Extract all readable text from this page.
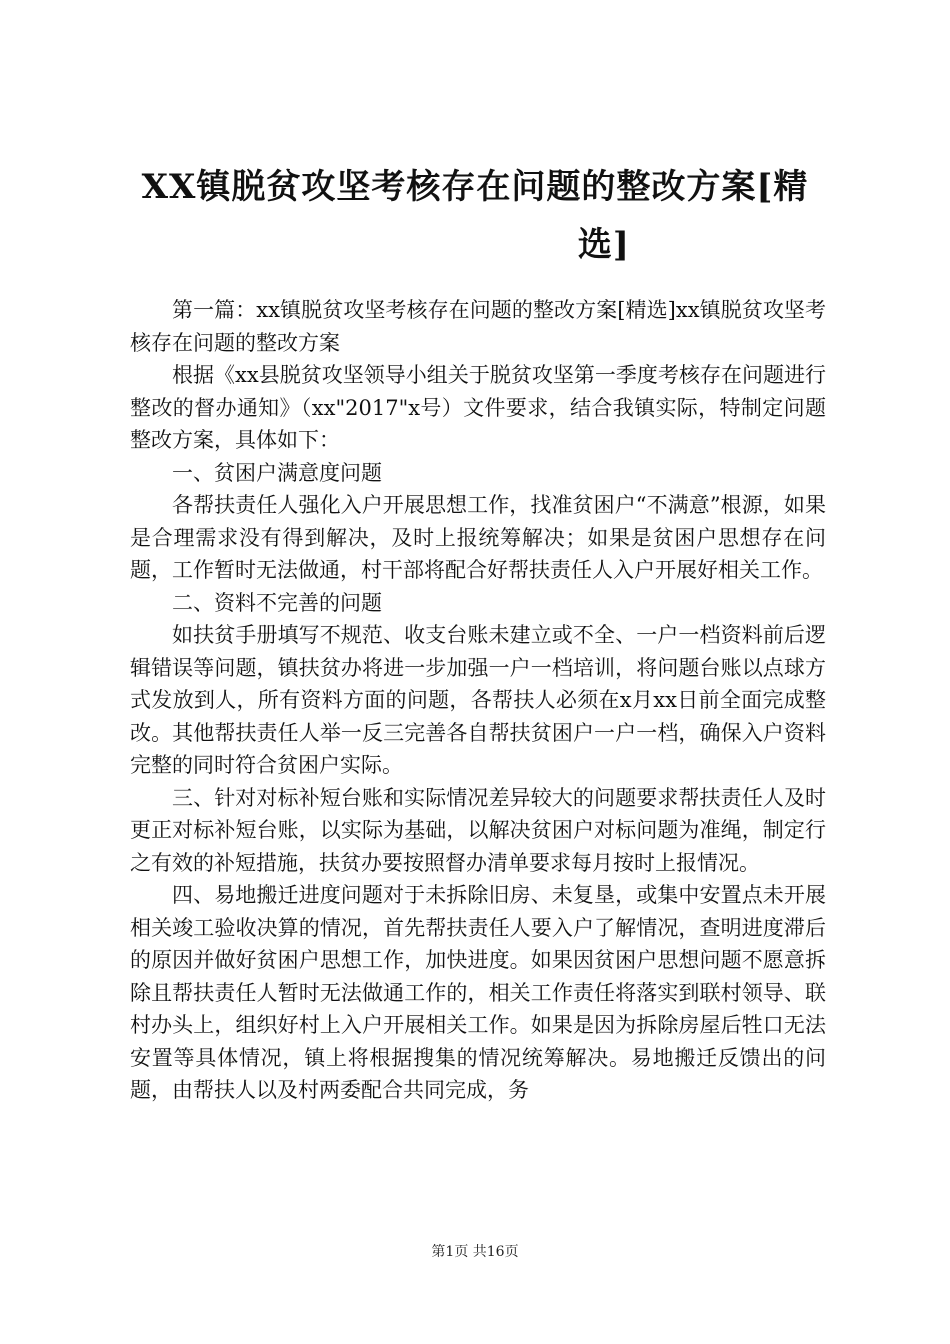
XX镇脱贫攻坚考核存在问题的整改方案[精
选]

第一篇：xx镇脱贫攻坚考核存在问题的整改方案[精选]xx镇脱贫攻坚考核存在问题的整改方案

根据《xx县脱贫攻坚领导小组关于脱贫攻坚第一季度考核存在问题进行整改的督办通知》（xx"2017"x号）文件要求，结合我镇实际，特制定问题整改方案，具体如下：

一、贫困户满意度问题

各帮扶责任人强化入户开展思想工作，找准贫困户“不满意”根源，如果是合理需求没有得到解决，及时上报统筹解决；如果是贫困户思想存在问题，工作暂时无法做通，村干部将配合好帮扶责任人入户开展好相关工作。

二、资料不完善的问题

如扶贫手册填写不规范、收支台账未建立或不全、一户一档资料前后逻辑错误等问题，镇扶贫办将进一步加强一户一档培训，将问题台账以点球方式发放到人，所有资料方面的问题，各帮扶人必须在x月xx日前全面完成整改。其他帮扶责任人举一反三完善各自帮扶贫困户一户一档，确保入户资料完整的同时符合贫困户实际。

三、针对对标补短台账和实际情况差异较大的问题要求帮扶责任人及时更正对标补短台账，以实际为基础，以解决贫困户对标问题为准绳，制定行之有效的补短措施，扶贫办要按照督办清单要求每月按时上报情况。

四、易地搬迁进度问题对于未拆除旧房、未复垦，或集中安置点未开展相关竣工验收决算的情况，首先帮扶责任人要入户了解情况，查明进度滞后的原因并做好贫困户思想工作，加快进度。如果因贫困户思想问题不愿意拆除且帮扶责任人暂时无法做通工作的，相关工作责任将落实到联村领导、联村办头上，组织好村上入户开展相关工作。如果是因为拆除房屋后牲口无法安置等具体情况，镇上将根据搜集的情况统筹解决。易地搬迁反馈出的问题，由帮扶人以及村两委配合共同完成，务

第1页 共16页
